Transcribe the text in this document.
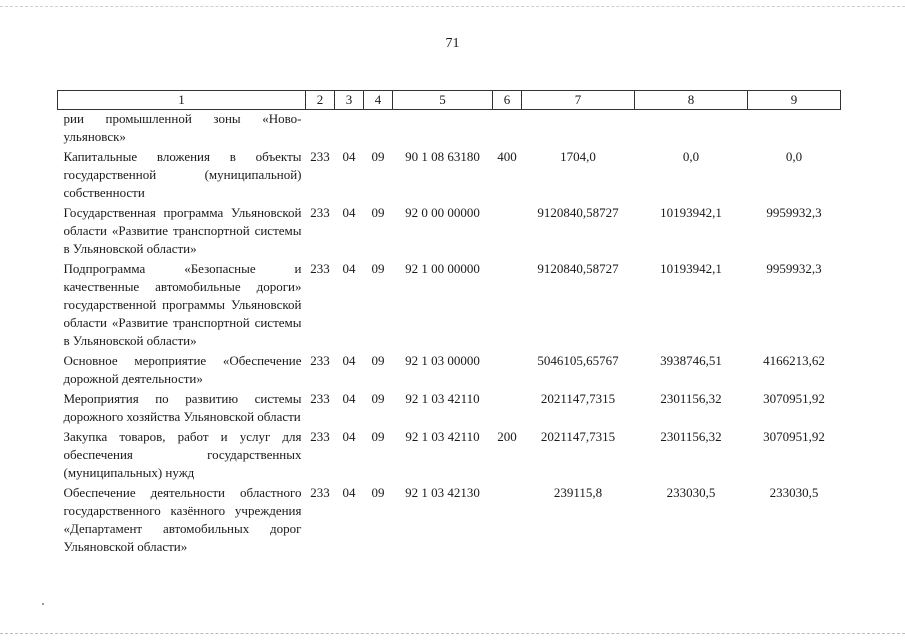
71
1	2	3	4	5	6	7	8	9
рии промышленной зоны «Ново-ульяновск»								
Капитальные вложения в объекты государственной (муниципальной) собственности	233	04	09	90 1 08 63180	400	1704,0	0,0	0,0
Государственная программа Ульяновской области «Развитие транспортной системы в Ульяновской области»	233	04	09	92 0 00 00000		9120840,58727	10193942,1	9959932,3
Подпрограмма «Безопасные и качественные автомобильные дороги» государственной программы Ульяновской области «Развитие транспортной системы в Ульяновской области»	233	04	09	92 1 00 00000		9120840,58727	10193942,1	9959932,3
Основное мероприятие «Обеспечение дорожной деятельности»	233	04	09	92 1 03 00000		5046105,65767	3938746,51	4166213,62
Мероприятия по развитию системы дорожного хозяйства Ульяновской области	233	04	09	92 1 03 42110		2021147,7315	2301156,32	3070951,92
Закупка товаров, работ и услуг для обеспечения государственных (муниципальных) нужд	233	04	09	92 1 03 42110	200	2021147,7315	2301156,32	3070951,92
Обеспечение деятельности областного государственного казённого учреждения «Департамент автомобильных дорог Ульяновской области»	233	04	09	92 1 03 42130		239115,8	233030,5	233030,5
